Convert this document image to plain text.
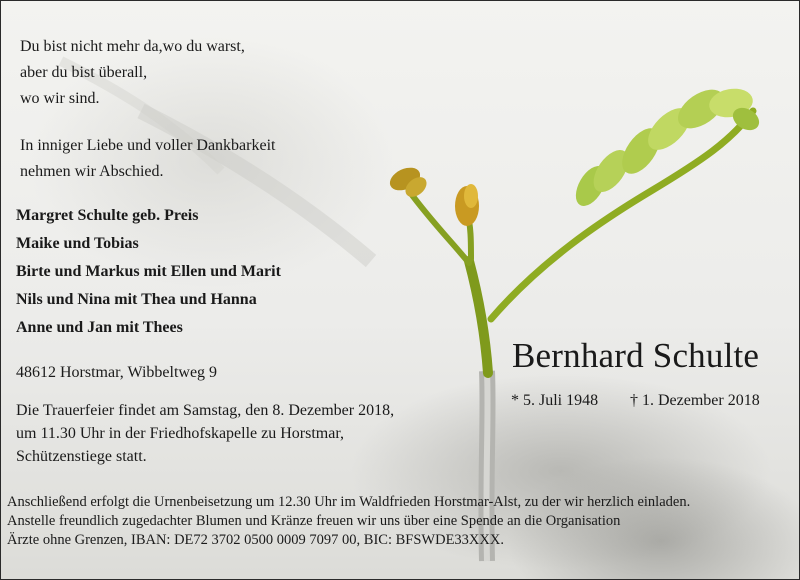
Du bist nicht mehr da,wo du warst,
aber du bist überall,
wo wir sind.
In inniger Liebe und voller Dankbarkeit
nehmen wir Abschied.
Margret Schulte geb. Preis
Maike und Tobias
Birte und Markus mit Ellen und Marit
Nils und Nina mit Thea und Hanna
Anne und Jan mit Thees
48612 Horstmar, Wibbeltweg 9
Die Trauerfeier findet am Samstag, den 8. Dezember 2018,
um 11.30 Uhr in der Friedhofskapelle zu Horstmar,
Schützenstiege statt.
Bernhard Schulte
* 5. Juli 1948 † 1. Dezember 2018
Anschließend erfolgt die Urnenbeisetzung um 12.30 Uhr im Waldfrieden Horstmar-Alst, zu der wir herzlich einladen.
Anstelle freundlich zugedachter Blumen und Kränze freuen wir uns über eine Spende an die Organisation
Ärzte ohne Grenzen, IBAN: DE72 3702 0500 0009 7097 00, BIC: BFSWDE33XXX.
